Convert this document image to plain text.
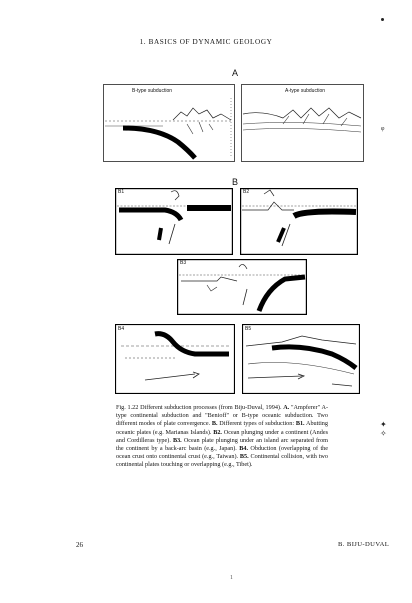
1. BASICS OF DYNAMIC GEOLOGY
A
φ
B-type subduction	A-type subduction
B
B1	B2
B3
B4	B5
Fig. 1.22 Different subduction processes (from Biju-Duval, 1994). A. "Ampferer" A-type continental subduction and "Benioff" or B-type oceanic subduction. Two different modes of plate convergence. B. Different types of subduction: B1. Abutting oceanic plates (e.g. Marianas Islands). B2. Ocean plunging under a continent (Andes and Cordilleras type). B3. Ocean plate plunging under an island arc separated from the continent by a back-arc basin (e.g., Japan). B4. Obduction (overlapping of the ocean crust onto continental crust (e.g., Taiwan). B5. Continental collision, with two continental plates touching or overlapping (e.g., Tibet).
✦
✧
26	B. BIJU-DUVAL
1
